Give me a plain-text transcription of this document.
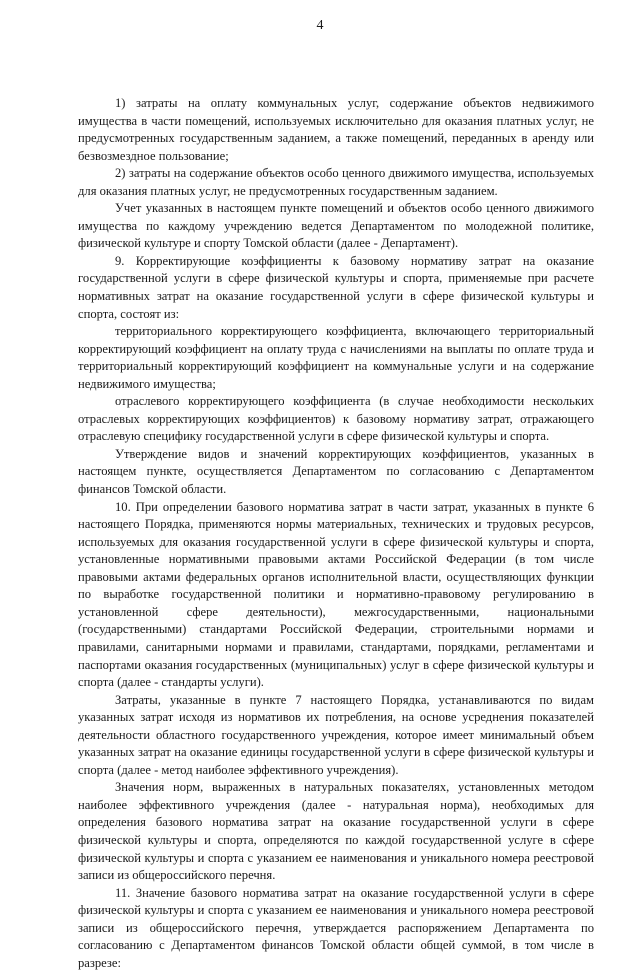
4

1) затраты на оплату коммунальных услуг, содержание объектов недвижимого имущества в части помещений, используемых исключительно для оказания платных услуг, не предусмотренных государственным заданием, а также помещений, переданных в аренду или безвозмездное пользование;

2) затраты на содержание объектов особо ценного движимого имущества, используемых для оказания платных услуг, не предусмотренных государственным заданием.

Учет указанных в настоящем пункте помещений и объектов особо ценного движимого имущества по каждому учреждению ведется Департаментом по молодежной политике, физической культуре и спорту Томской области (далее - Департамент).

9. Корректирующие коэффициенты к базовому нормативу затрат на оказание государственной услуги в сфере физической культуры и спорта, применяемые при расчете нормативных затрат на оказание государственной услуги в сфере физической культуры и спорта, состоят из:

территориального корректирующего коэффициента, включающего территориальный корректирующий коэффициент на оплату труда с начислениями на выплаты по оплате труда и территориальный корректирующий коэффициент на коммунальные услуги и на содержание недвижимого имущества;

отраслевого корректирующего коэффициента (в случае необходимости нескольких отраслевых корректирующих коэффициентов) к базовому нормативу затрат, отражающего отраслевую специфику государственной услуги в сфере физической культуры и спорта.

Утверждение видов и значений корректирующих коэффициентов, указанных в настоящем пункте, осуществляется Департаментом по согласованию с Департаментом финансов Томской области.

10. При определении базового норматива затрат в части затрат, указанных в пункте 6 настоящего Порядка, применяются нормы материальных, технических и трудовых ресурсов, используемых для оказания государственной услуги в сфере физической культуры и спорта, установленные нормативными правовыми актами Российской Федерации (в том числе правовыми актами федеральных органов исполнительной власти, осуществляющих функции по выработке государственной политики и нормативно-правовому регулированию в установленной сфере деятельности), межгосударственными, национальными (государственными) стандартами Российской Федерации, строительными нормами и правилами, санитарными нормами и правилами, стандартами, порядками, регламентами и паспортами оказания государственных (муниципальных) услуг в сфере физической культуры и спорта (далее - стандарты услуги).

Затраты, указанные в пункте 7 настоящего Порядка, устанавливаются по видам указанных затрат исходя из нормативов их потребления, на основе усреднения показателей деятельности областного государственного учреждения, которое имеет минимальный объем указанных затрат на оказание единицы государственной услуги в сфере физической культуры и спорта (далее - метод наиболее эффективного учреждения).

Значения норм, выраженных в натуральных показателях, установленных методом наиболее эффективного учреждения (далее - натуральная норма), необходимых для определения базового норматива затрат на оказание государственной услуги в сфере физической культуры и спорта, определяются по каждой государственной услуге в сфере физической культуры и спорта с указанием ее наименования и уникального номера реестровой записи из общероссийского перечня.

11. Значение базового норматива затрат на оказание государственной услуги в сфере физической культуры и спорта с указанием ее наименования и уникального номера реестровой записи из общероссийского перечня, утверждается распоряжением Департамента по согласованию с Департаментом финансов Томской области общей суммой, в том числе в разрезе:
